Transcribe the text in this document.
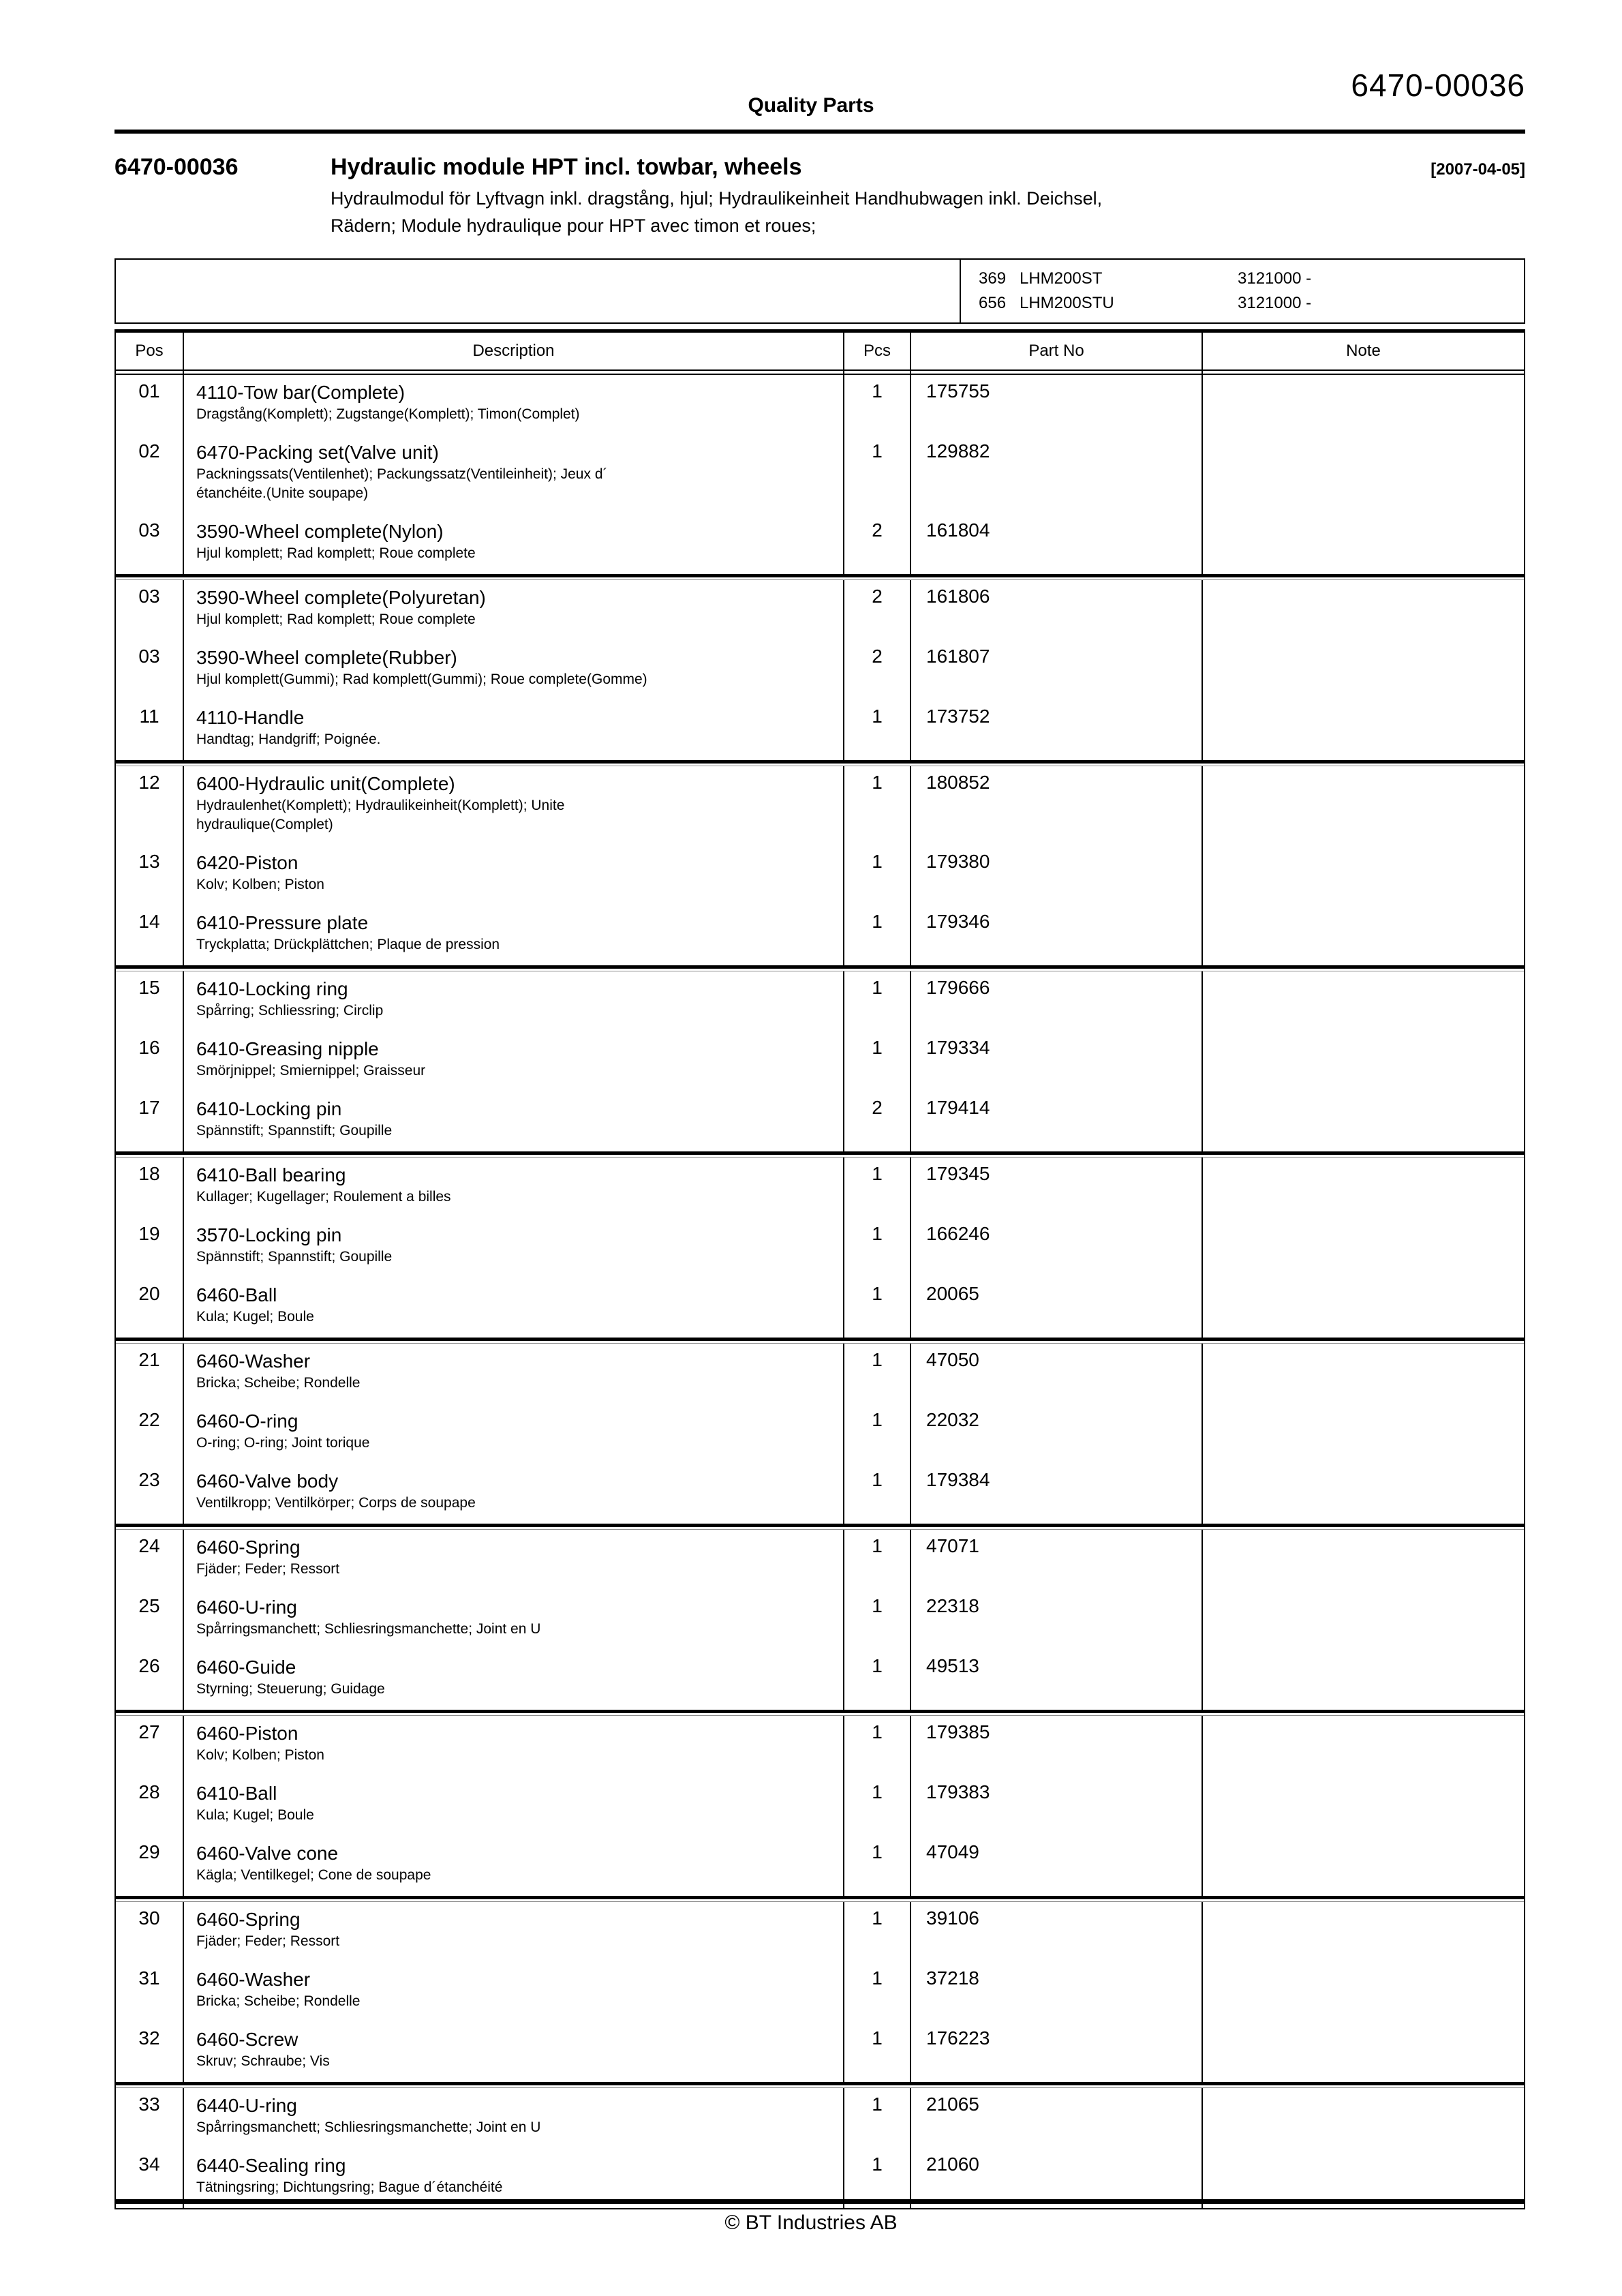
6470-00036
Quality Parts
6470-00036	Hydraulic module HPT incl. towbar, wheels	[2007-04-05]
Hydraulmodul för Lyftvagn inkl. dragstång, hjul; Hydraulikeinheit Handhubwagen inkl. Deichsel,
Rädern; Module hydraulique pour HPT avec timon et roues;
369 LHM200ST	3121000 -
656 LHM200STU	3121000 -
Pos	Description	Pcs	Part No	Note
01	4110-Tow bar(Complete)
Dragstång(Komplett); Zugstange(Komplett); Timon(Complet)
1	175755
02	6470-Packing set(Valve unit)
Packningssats(Ventilenhet); Packungssatz(Ventileinheit); Jeux d´
étanchéite.(Unite soupape)
1	129882
03	3590-Wheel complete(Nylon)
Hjul komplett; Rad komplett; Roue complete
2	161804
03	3590-Wheel complete(Polyuretan)
Hjul komplett; Rad komplett; Roue complete
2	161806
03	3590-Wheel complete(Rubber)
Hjul komplett(Gummi); Rad komplett(Gummi); Roue complete(Gomme)
2	161807
11	4110-Handle
Handtag; Handgriff; Poignée.
1	173752
12	6400-Hydraulic unit(Complete)
Hydraulenhet(Komplett); Hydraulikeinheit(Komplett); Unite
hydraulique(Complet)
1	180852
13	6420-Piston
Kolv; Kolben; Piston
1	179380
14	6410-Pressure plate
Tryckplatta; Drückplättchen; Plaque de pression
1	179346
15	6410-Locking ring
Spårring; Schliessring; Circlip
1	179666
16	6410-Greasing nipple
Smörjnippel; Smiernippel; Graisseur
1	179334
17	6410-Locking pin
Spännstift; Spannstift; Goupille
2	179414
18	6410-Ball bearing
Kullager; Kugellager; Roulement a billes
1	179345
19	3570-Locking pin
Spännstift; Spannstift; Goupille
1	166246
20	6460-Ball
Kula; Kugel; Boule
1	20065
21	6460-Washer
Bricka; Scheibe; Rondelle
1	47050
22	6460-O-ring
O-ring; O-ring; Joint torique
1	22032
23	6460-Valve body
Ventilkropp; Ventilkörper; Corps de soupape
1	179384
24	6460-Spring
Fjäder; Feder; Ressort
1	47071
25	6460-U-ring
Spårringsmanchett; Schliesringsmanchette; Joint en U
1	22318
26	6460-Guide
Styrning; Steuerung; Guidage
1	49513
27	6460-Piston
Kolv; Kolben; Piston
1	179385
28	6410-Ball
Kula; Kugel; Boule
1	179383
29	6460-Valve cone
Kägla; Ventilkegel; Cone de soupape
1	47049
30	6460-Spring
Fjäder; Feder; Ressort
1	39106
31	6460-Washer
Bricka; Scheibe; Rondelle
1	37218
32	6460-Screw
Skruv; Schraube; Vis
1	176223
33	6440-U-ring
Spårringsmanchett; Schliesringsmanchette; Joint en U
1	21065
34	6440-Sealing ring
Tätningsring; Dichtungsring; Bague d´étanchéité
1	21060
© BT Industries AB
